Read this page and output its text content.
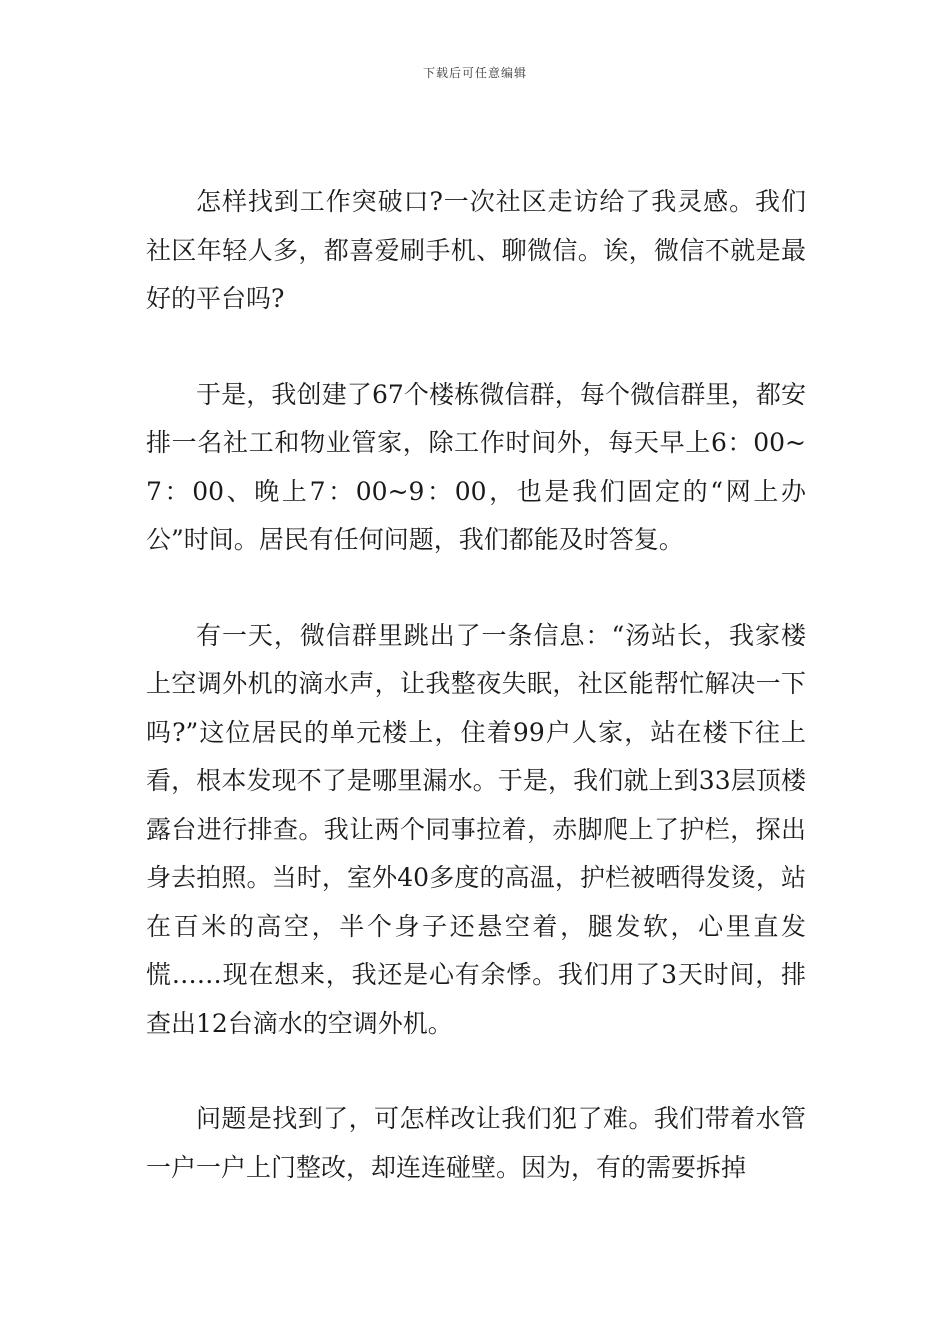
下载后可任意编辑

怎样找到工作突破口?一次社区走访给了我灵感。我们社区年轻人多，都喜爱刷手机、聊微信。诶，微信不就是最好的平台吗?

于是，我创建了67个楼栋微信群，每个微信群里，都安排一名社工和物业管家，除工作时间外，每天早上6：00~7：00、晚上7：00~9：00，也是我们固定的“网上办公”时间。居民有任何问题，我们都能及时答复。

有一天，微信群里跳出了一条信息：“汤站长，我家楼上空调外机的滴水声，让我整夜失眠，社区能帮忙解决一下吗?”这位居民的单元楼上，住着99户人家，站在楼下往上看，根本发现不了是哪里漏水。于是，我们就上到33层顶楼露台进行排查。我让两个同事拉着，赤脚爬上了护栏，探出身去拍照。当时，室外40多度的高温，护栏被晒得发烫，站在百米的高空，半个身子还悬空着，腿发软，心里直发慌……现在想来，我还是心有余悸。我们用了3天时间，排查出12台滴水的空调外机。

问题是找到了，可怎样改让我们犯了难。我们带着水管一户一户上门整改，却连连碰壁。因为，有的需要拆掉
